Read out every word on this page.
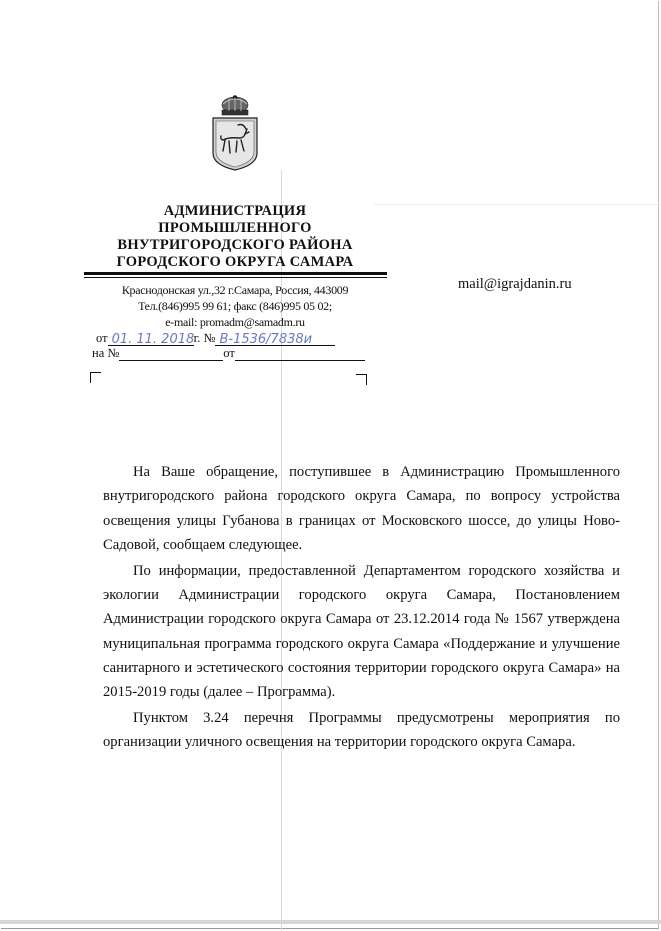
АДМИНИСТРАЦИЯ
ПРОМЫШЛЕННОГО
ВНУТРИГОРОДСКОГО РАЙОНА
ГОРОДСКОГО ОКРУГА САМАРА
Краснодонская ул.,32 г.Самара, Россия, 443009
Тел.(846)995 99 61; факс (846)995 05 02;
e-mail: promadm@samadm.ru
от 01. 11. 2018г. № В-1536/7838и
на №	от
mail@igrajdanin.ru

На Ваше обращение, поступившее в Администрацию Промышленного внутригородского района городского округа Самара, по вопросу устройства освещения улицы Губанова в границах от Московского шоссе, до улицы Ново-Садовой, сообщаем следующее.

По информации, предоставленной Департаментом городского хозяйства и экологии Администрации городского округа Самара, Постановлением Администрации городского округа Самара от 23.12.2014 года № 1567 утверждена муниципальная программа городского округа Самара «Поддержание и улучшение санитарного и эстетического состояния территории городского округа Самара» на 2015-2019 годы (далее – Программа).

Пунктом 3.24 перечня Программы предусмотрены мероприятия по организации уличного освещения на территории городского округа Самара.
